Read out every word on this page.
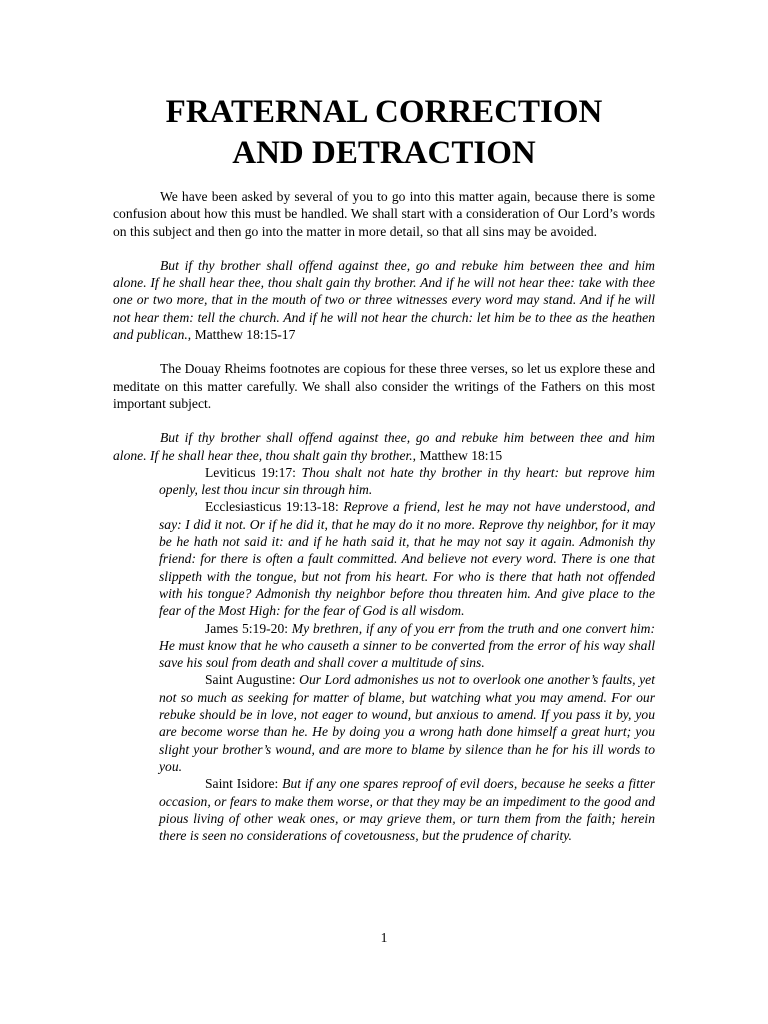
FRATERNAL CORRECTION
AND DETRACTION

We have been asked by several of you to go into this matter again, because there is some confusion about how this must be handled. We shall start with a consideration of Our Lord’s words on this subject and then go into the matter in more detail, so that all sins may be avoided.

But if thy brother shall offend against thee, go and rebuke him between thee and him alone. If he shall hear thee, thou shalt gain thy brother. And if he will not hear thee: take with thee one or two more, that in the mouth of two or three witnesses every word may stand. And if he will not hear them: tell the church. And if he will not hear the church: let him be to thee as the heathen and publican., Matthew 18:15-17

The Douay Rheims footnotes are copious for these three verses, so let us explore these and meditate on this matter carefully. We shall also consider the writings of the Fathers on this most important subject.

But if thy brother shall offend against thee, go and rebuke him between thee and him alone. If he shall hear thee, thou shalt gain thy brother., Matthew 18:15

Leviticus 19:17: Thou shalt not hate thy brother in thy heart: but reprove him openly, lest thou incur sin through him.

Ecclesiasticus 19:13-18: Reprove a friend, lest he may not have understood, and say: I did it not. Or if he did it, that he may do it no more. Reprove thy neighbor, for it may be he hath not said it: and if he hath said it, that he may not say it again. Admonish thy friend: for there is often a fault committed. And believe not every word. There is one that slippeth with the tongue, but not from his heart. For who is there that hath not offended with his tongue? Admonish thy neighbor before thou threaten him. And give place to the fear of the Most High: for the fear of God is all wisdom.

James 5:19-20: My brethren, if any of you err from the truth and one convert him: He must know that he who causeth a sinner to be converted from the error of his way shall save his soul from death and shall cover a multitude of sins.

Saint Augustine: Our Lord admonishes us not to overlook one another’s faults, yet not so much as seeking for matter of blame, but watching what you may amend. For our rebuke should be in love, not eager to wound, but anxious to amend. If you pass it by, you are become worse than he. He by doing you a wrong hath done himself a great hurt; you slight your brother’s wound, and are more to blame by silence than he for his ill words to you.

Saint Isidore: But if any one spares reproof of evil doers, because he seeks a fitter occasion, or fears to make them worse, or that they may be an impediment to the good and pious living of other weak ones, or may grieve them, or turn them from the faith; herein there is seen no considerations of covetousness, but the prudence of charity.

1
